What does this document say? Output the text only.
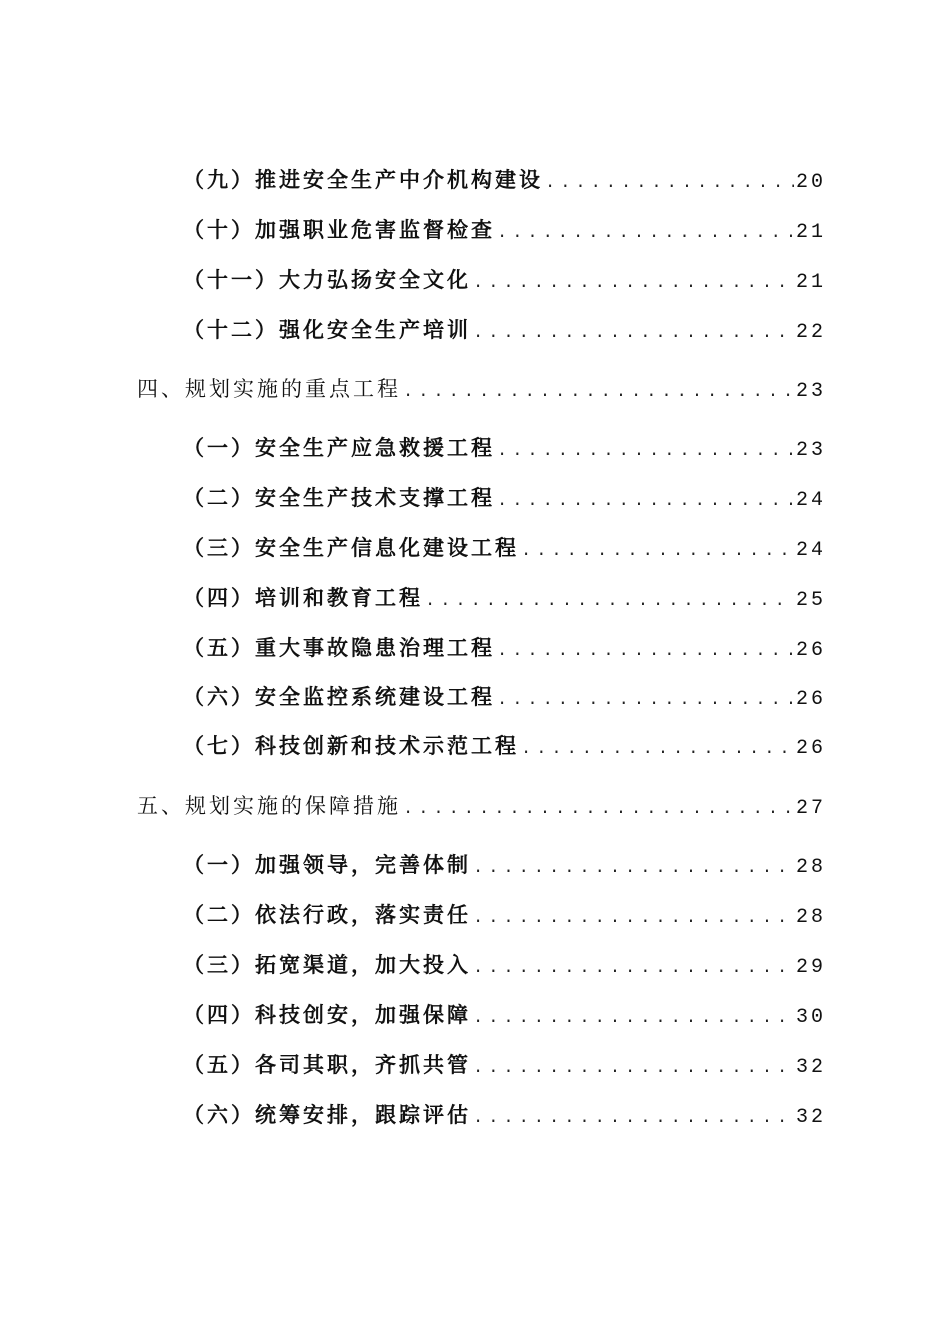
（九）推进安全生产中介机构建设 .....	20
（十）加强职业危害监督检查 .....	21
（十一）大力弘扬安全文化 .....	21
（十二）强化安全生产培训 .....	22
四、规划实施的重点工程 .....	23
（一）安全生产应急救援工程 .....	23
（二）安全生产技术支撑工程 .....	24
（三）安全生产信息化建设工程 .....	24
（四）培训和教育工程 .....	25
（五）重大事故隐患治理工程 .....	26
（六）安全监控系统建设工程 .....	26
（七）科技创新和技术示范工程 .....	26
五、规划实施的保障措施 .....	27
（一）加强领导，完善体制 .....	28
（二）依法行政，落实责任 .....	28
（三）拓宽渠道，加大投入 .....	29
（四）科技创安，加强保障 .....	30
（五）各司其职，齐抓共管 .....	32
（六）统筹安排，跟踪评估 .....	32
